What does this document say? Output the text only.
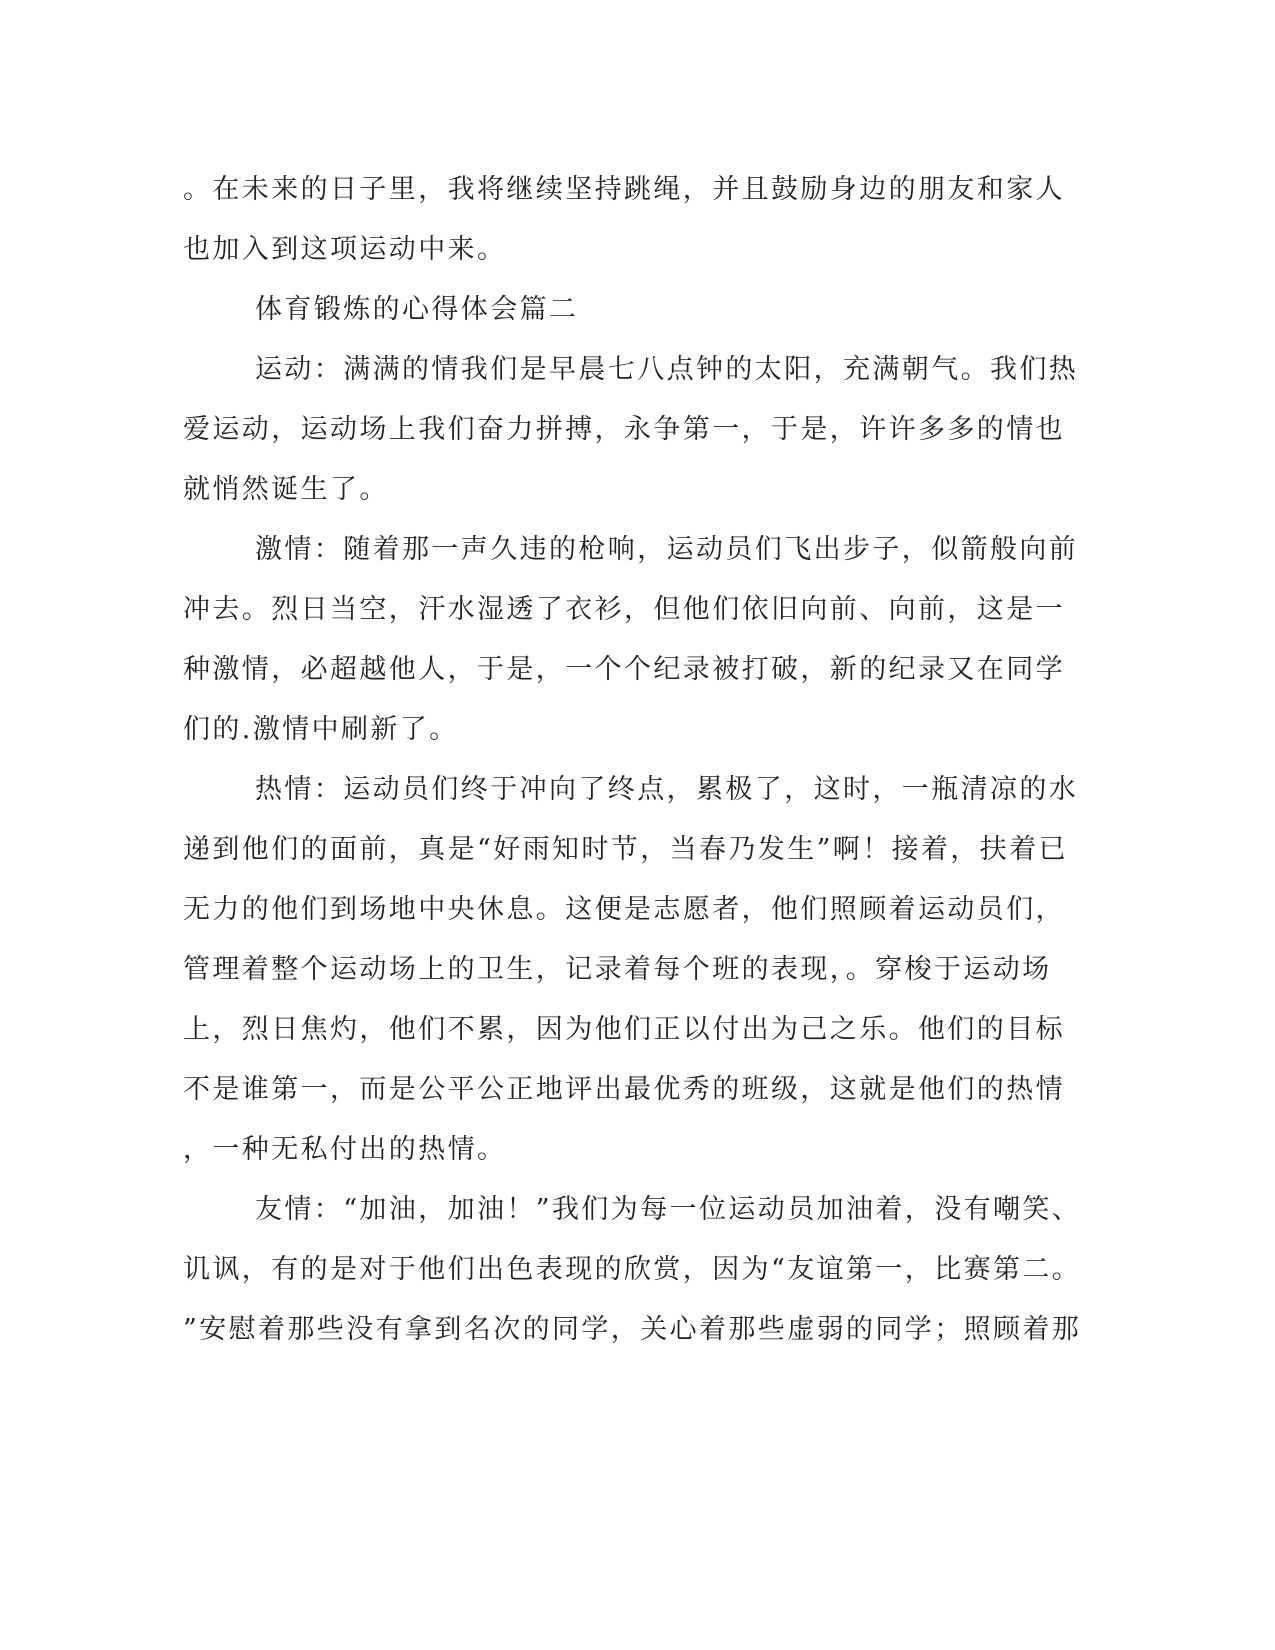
。在未来的日子里，我将继续坚持跳绳，并且鼓励身边的朋友和家人
也加入到这项运动中来。
体育锻炼的心得体会篇二
运动：满满的情我们是早晨七八点钟的太阳，充满朝气。我们热
爱运动，运动场上我们奋力拼搏，永争第一，于是，许许多多的情也
就悄然诞生了。
激情：随着那一声久违的枪响，运动员们飞出步子，似箭般向前
冲去。烈日当空，汗水湿透了衣衫，但他们依旧向前、向前，这是一
种激情，必超越他人，于是，一个个纪录被打破，新的纪录又在同学
们的.激情中刷新了。
热情：运动员们终于冲向了终点，累极了，这时，一瓶清凉的水
递到他们的面前，真是“好雨知时节，当春乃发生”啊！接着，扶着已
无力的他们到场地中央休息。这便是志愿者，他们照顾着运动员们，
管理着整个运动场上的卫生，记录着每个班的表现，。穿梭于运动场
上，烈日焦灼，他们不累，因为他们正以付出为己之乐。他们的目标
不是谁第一，而是公平公正地评出最优秀的班级，这就是他们的热情
，一种无私付出的热情。
友情：“加油，加油！”我们为每一位运动员加油着，没有嘲笑、
讥讽，有的是对于他们出色表现的欣赏，因为“友谊第一，比赛第二。
”安慰着那些没有拿到名次的同学，关心着那些虚弱的同学；照顾着那
